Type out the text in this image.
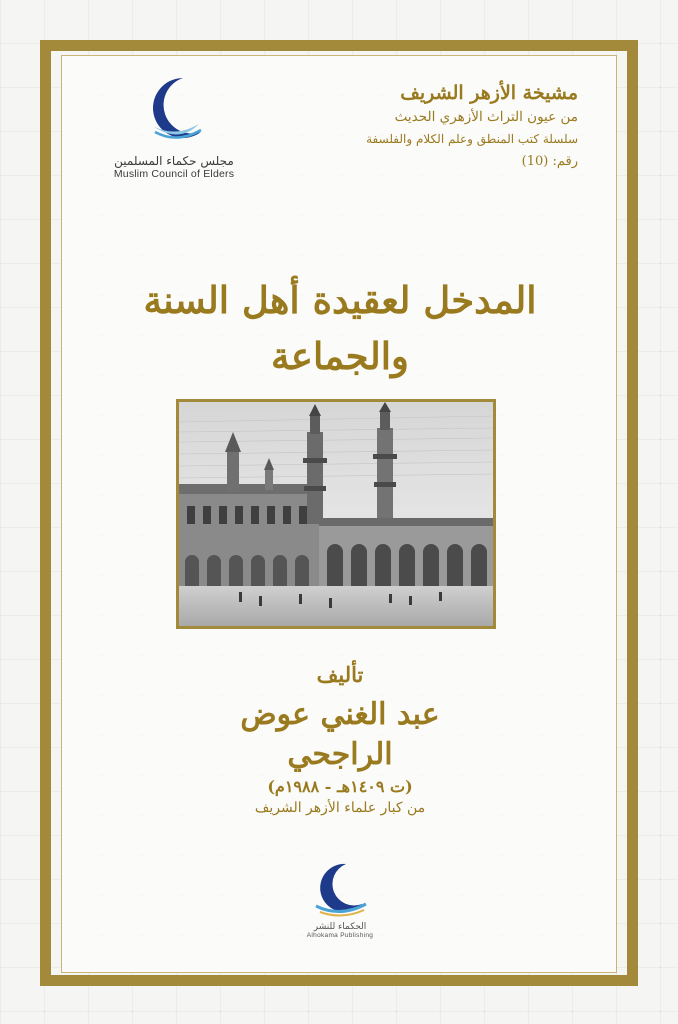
مجلس حكماء المسلمين
Muslim Council of Elders
مشيخة الأزهر الشريف
من عيون التراث الأزهري الحديث
سلسلة كتب المنطق وعلم الكلام والفلسفة
رقم: (10)
المدخل لعقيدة أهل السنة والجماعة
تأليف
عبد الغني عوض الراجحي
(ت ١٤٠٩هـ - ١٩٨٨م)
من كبار علماء الأزهر الشريف
الحكماء للنشر
Alhokama Publishing
